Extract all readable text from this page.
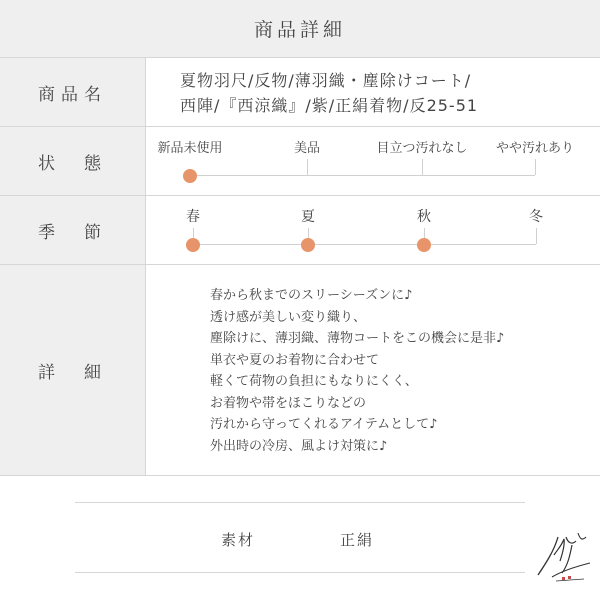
商品詳細
商品名
夏物羽尺/反物/薄羽織・塵除けコート/
西陣/『西涼織』/紫/正絹着物/反25-51
状　態
新品未使用	美品	目立つ汚れなし やや汚れあり
季　節
春	夏	秋	冬
詳　細
春から秋までのスリーシーズンに♪
透け感が美しい変り織り、
塵除けに、薄羽織、薄物コートをこの機会に是非♪
単衣や夏のお着物に合わせて
軽くて荷物の負担にもなりにくく、
お着物や帯をほこりなどの
汚れから守ってくれるアイテムとして♪
外出時の冷房、風よけ対策に♪
素材	正絹
